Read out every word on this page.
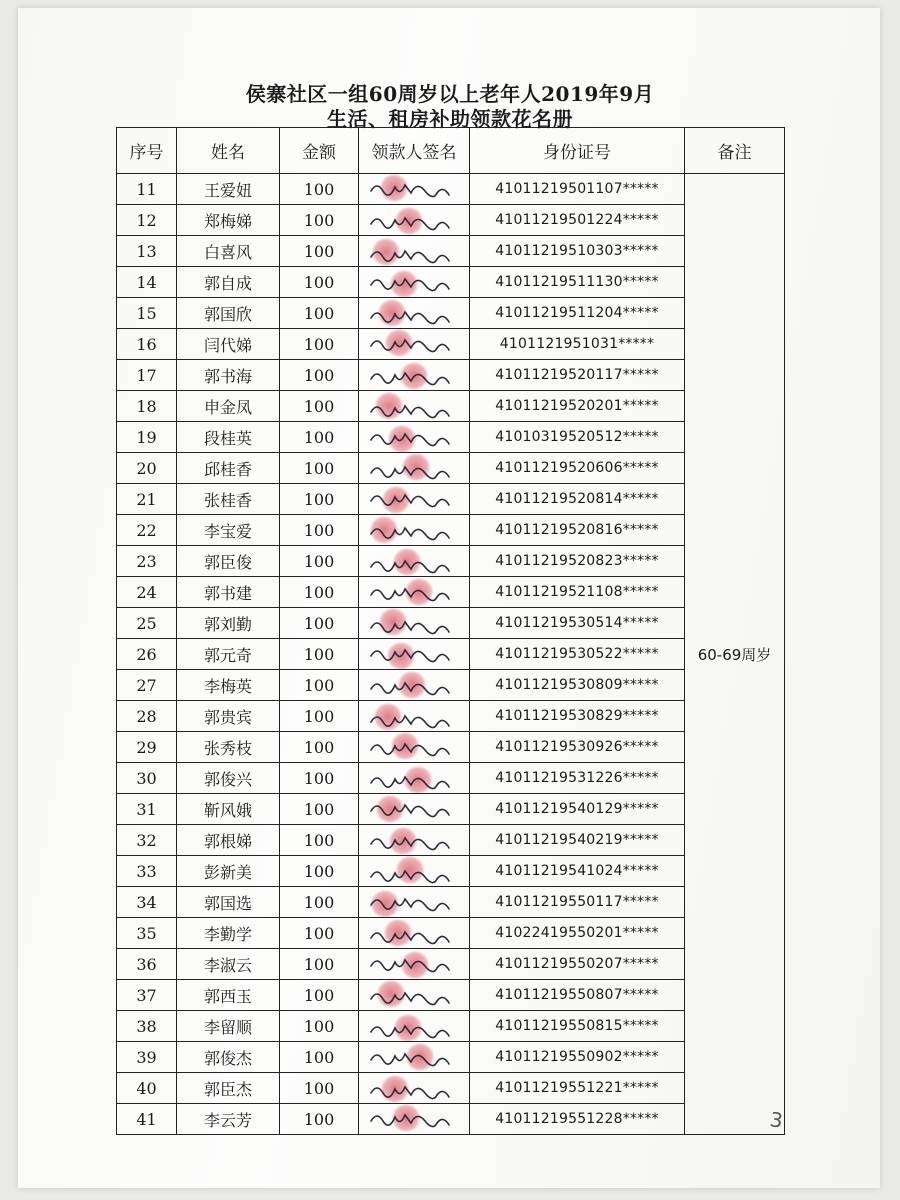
侯寨社区一组60周岁以上老年人2019年9月
生活、租房补助领款花名册
序号	姓名	金额	领款人签名	身份证号	备注
11	王爱妞	100		41011219501107*****	60-69周岁
12	郑梅娣	100		41011219501224*****	
13	白喜风	100		41011219510303*****	
14	郭自成	100		41011219511130*****	
15	郭国欣	100		41011219511204*****	
16	闫代娣	100		4101121951031*****	
17	郭书海	100		41011219520117*****	
18	申金凤	100		41011219520201*****	
19	段桂英	100		41010319520512*****	
20	邱桂香	100		41011219520606*****	
21	张桂香	100		41011219520814*****	
22	李宝爱	100		41011219520816*****	
23	郭臣俊	100		41011219520823*****	
24	郭书建	100		41011219521108*****	
25	郭刘勤	100		41011219530514*****	
26	郭元奇	100		41011219530522*****	
27	李梅英	100		41011219530809*****	
28	郭贵宾	100		41011219530829*****	
29	张秀枝	100		41011219530926*****	
30	郭俊兴	100		41011219531226*****	
31	靳风娥	100		41011219540129*****	
32	郭根娣	100		41011219540219*****	
33	彭新美	100		41011219541024*****	
34	郭国选	100		41011219550117*****	
35	李勤学	100		41022419550201*****	
36	李淑云	100		41011219550207*****	
37	郭西玉	100		41011219550807*****	
38	李留顺	100		41011219550815*****	
39	郭俊杰	100		41011219550902*****	
40	郭臣杰	100		41011219551221*****	
41	李云芳	100		41011219551228*****		3
